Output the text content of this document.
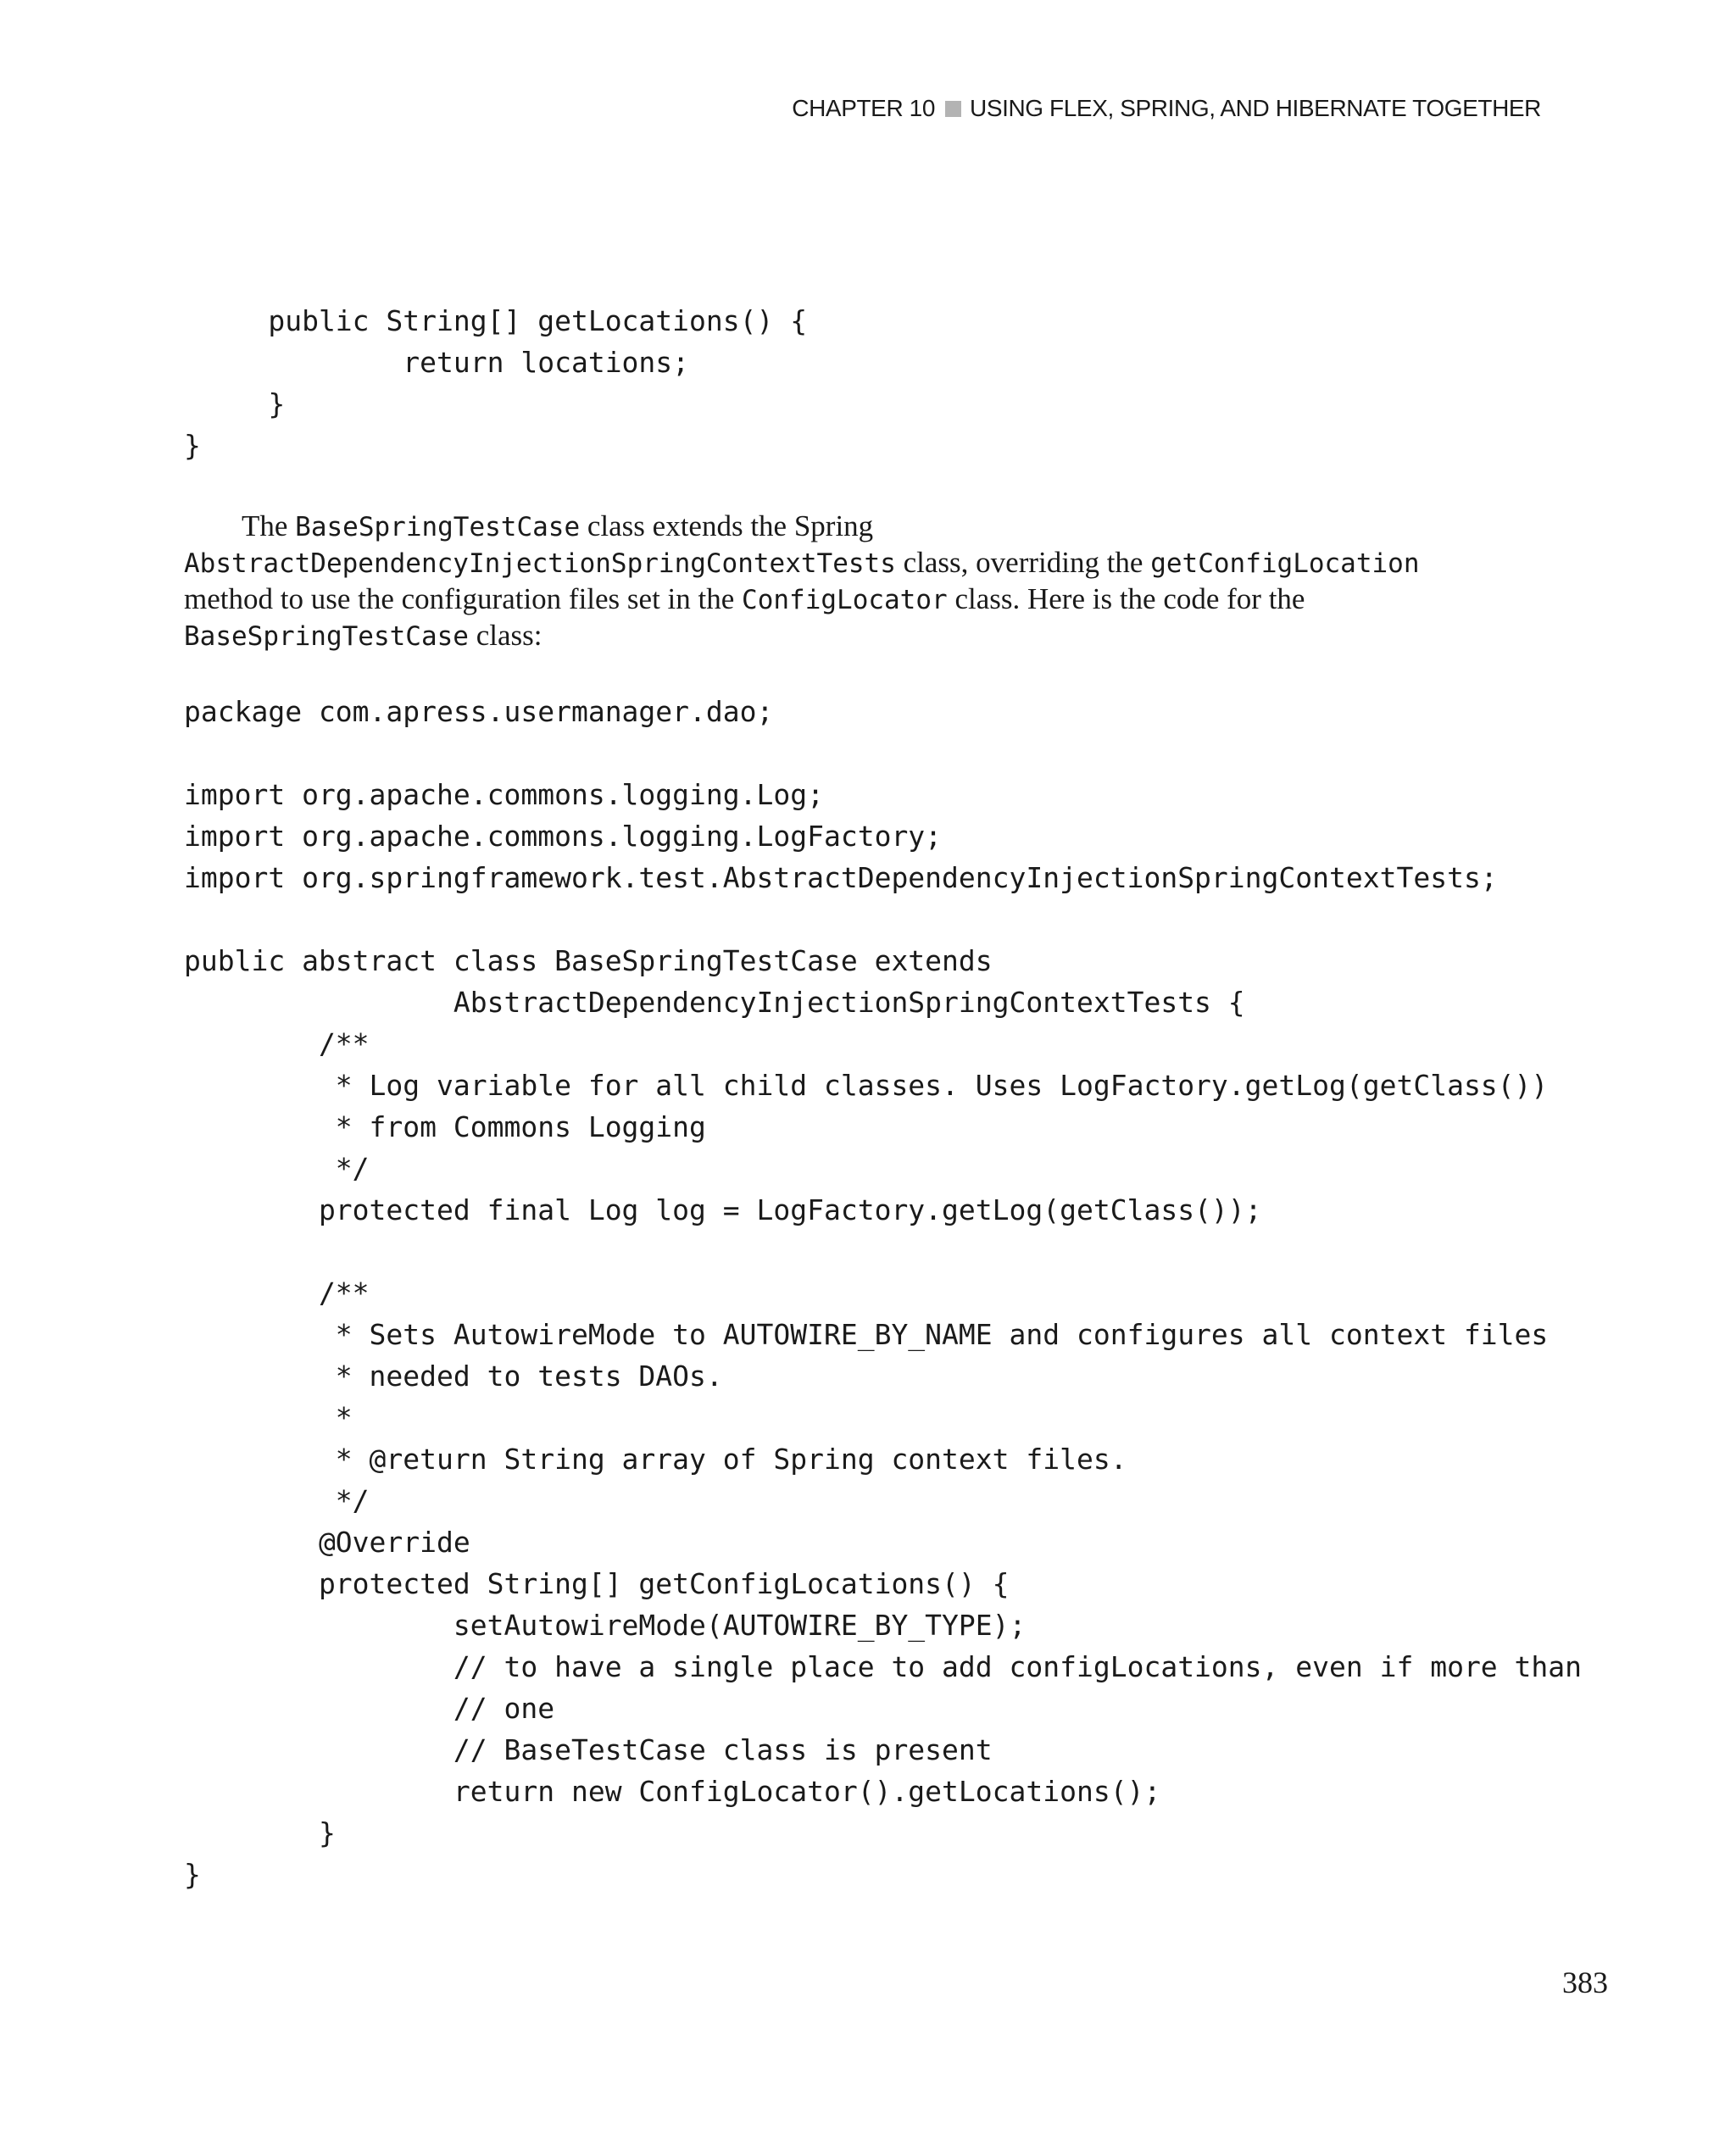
CHAPTER 10 USING FLEX, SPRING, AND HIBERNATE TOGETHER
public String[] getLocations() {
return locations;
}
}

The BaseSpringTestCase class extends the Spring
AbstractDependencyInjectionSpringContextTests class, overriding the getConfigLocation
method to use the configuration files set in the ConfigLocator class. Here is the code for the
BaseSpringTestCase class:

package com.apress.usermanager.dao;

import org.apache.commons.logging.Log;
import org.apache.commons.logging.LogFactory;
import org.springframework.test.AbstractDependencyInjectionSpringContextTests;

public abstract class BaseSpringTestCase extends
AbstractDependencyInjectionSpringContextTests {
/**
* Log variable for all child classes. Uses LogFactory.getLog(getClass())
* from Commons Logging
*/
protected final Log log = LogFactory.getLog(getClass());

/**
* Sets AutowireMode to AUTOWIRE_BY_NAME and configures all context files
* needed to tests DAOs.
*
* @return String array of Spring context files.
*/
@Override
protected String[] getConfigLocations() {
setAutowireMode(AUTOWIRE_BY_TYPE);
// to have a single place to add configLocations, even if more than
// one
// BaseTestCase class is present
return new ConfigLocator().getLocations();
}
}
383
